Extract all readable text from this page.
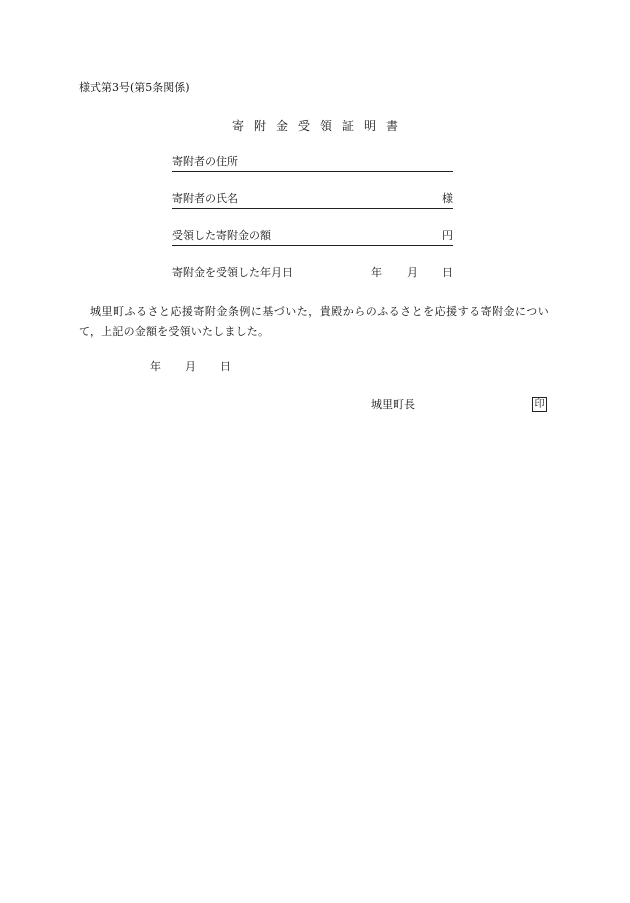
様式第3号(第5条関係)
寄附金受領証明書
寄附者の住所
寄附者の氏名	様
受領した寄附金の額	円
寄附金を受領した年月日	年 月 日
城里町ふるさと応援寄附金条例に基づいた，貴殿からのふるさとを応援する寄附金について，上記の金額を受領いたしました。
年 月 日
城里町長	印
